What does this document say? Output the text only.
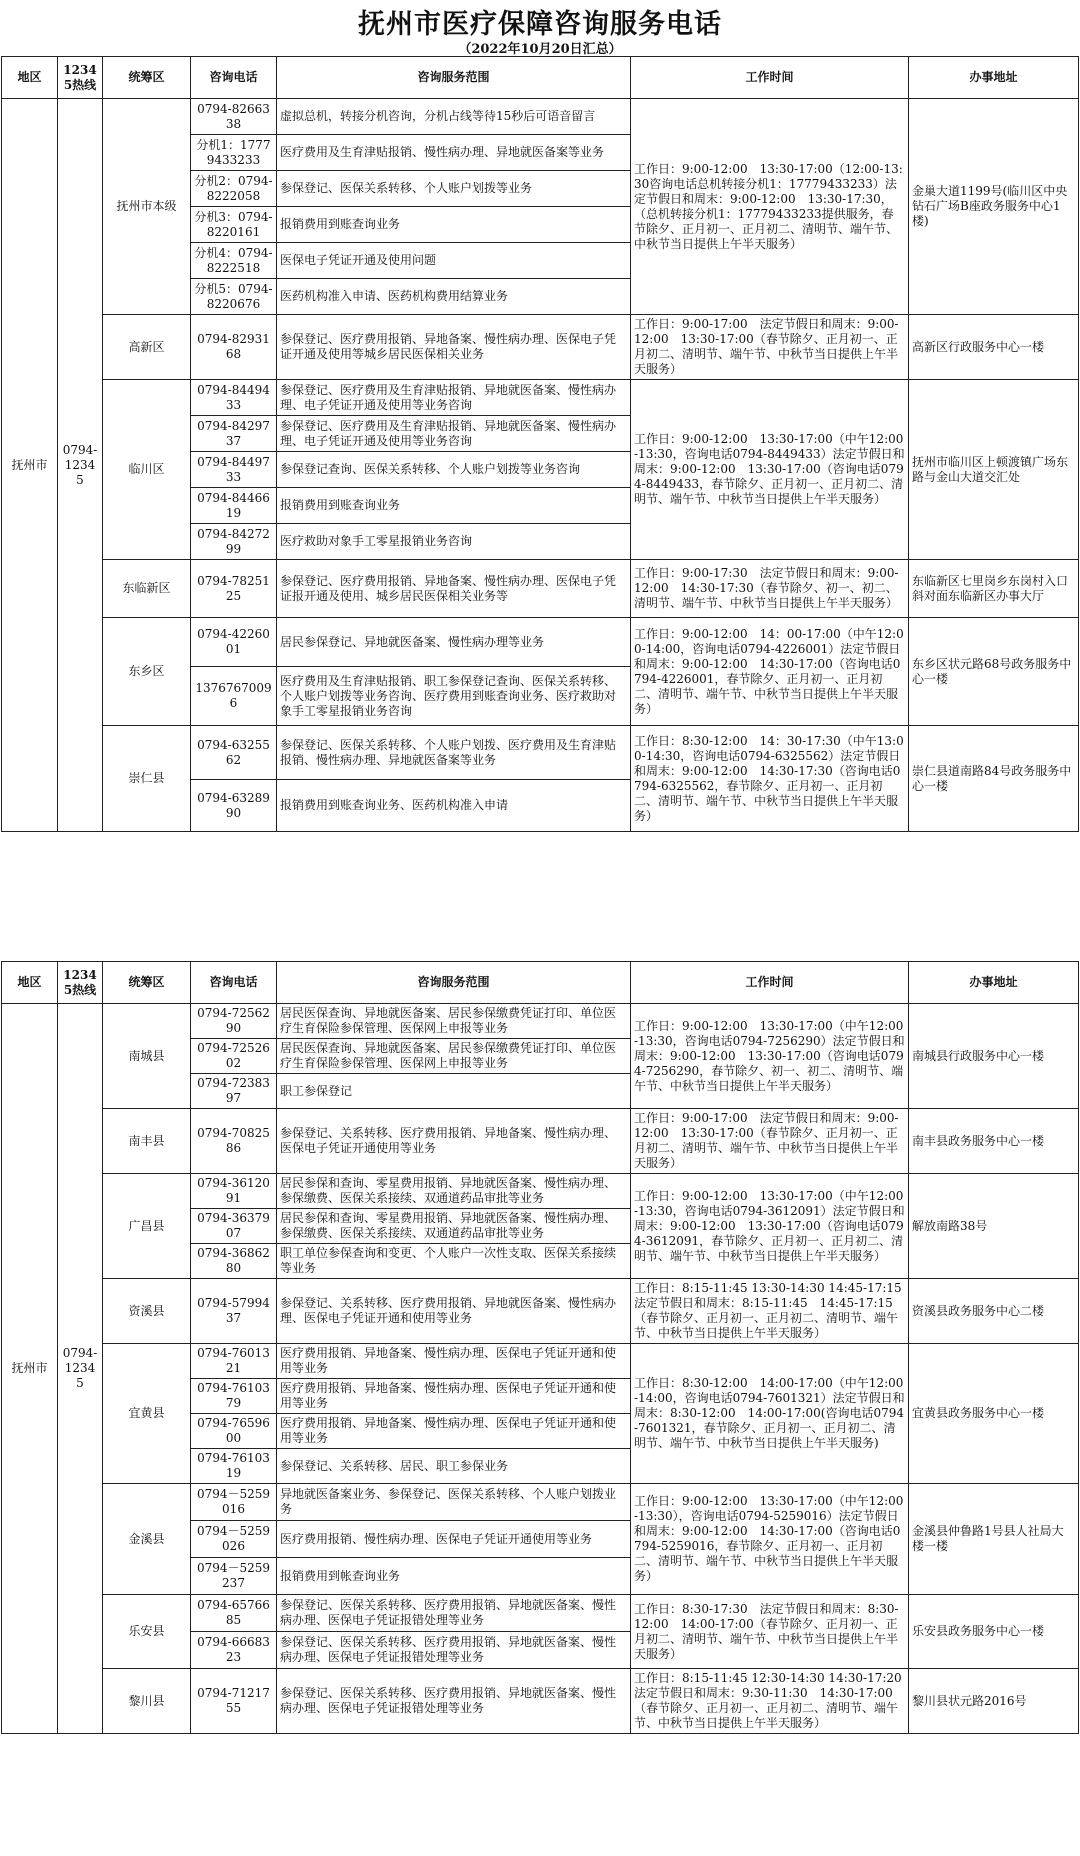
抚州市医疗保障咨询服务电话
（2022年10月20日汇总）
地区	12345热线	统筹区	咨询电话	咨询服务范围	工作时间	办事地址
抚州市	0794-12345	抚州市本级	0794-8266338	虚拟总机，转接分机咨询，分机占线等待15秒后可语音留言	工作日：9:00-12:00　13:30-17:00（12:00-13:30咨询电话总机转接分机1：17779433233）法定节假日和周末：9:00-12:00　13:30-17:30，（总机转接分机1：17779433233提供服务，春节除夕、正月初一、正月初二、清明节、端午节、中秋节当日提供上午半天服务）	金巢大道1199号(临川区中央钻石广场B座政务服务中心1楼)
			分机1：17779433233	医疗费用及生育津贴报销、慢性病办理、异地就医备案等业务		
			分机2：0794-8222058	参保登记、医保关系转移、个人账户划拨等业务		
			分机3：0794-8220161	报销费用到账查询业务		
			分机4：0794-8222518	医保电子凭证开通及使用问题		
			分机5：0794-8220676	医药机构准入申请、医药机构费用结算业务		
		高新区	0794-8293168	参保登记、医疗费用报销、异地备案、慢性病办理、医保电子凭证开通及使用等城乡居民医保相关业务	工作日：9:00-17:00　法定节假日和周末：9:00-12:00　13:30-17:00（春节除夕、正月初一、正月初二、清明节、端午节、中秋节当日提供上午半天服务）	高新区行政服务中心一楼
		临川区	0794-8449433	参保登记、医疗费用及生育津贴报销、异地就医备案、慢性病办理、电子凭证开通及使用等业务咨询	工作日：9:00-12:00　13:30-17:00（中午12:00-13:30，咨询电话0794-8449433）法定节假日和周末：9:00-12:00　13:30-17:00（咨询电话0794-8449433，春节除夕、正月初一、正月初二、清明节、端午节、中秋节当日提供上午半天服务）	抚州市临川区上顿渡镇广场东路与金山大道交汇处
			0794-8429737	参保登记、医疗费用及生育津贴报销、异地就医备案、慢性病办理、电子凭证开通及使用等业务咨询		
			0794-8449733	参保登记查询、医保关系转移、个人账户划拨等业务咨询		
			0794-8446619	报销费用到账查询业务		
			0794-8427299	医疗救助对象手工零星报销业务咨询		
		东临新区	0794-7825125	参保登记、医疗费用报销、异地备案、慢性病办理、医保电子凭证报开通及使用、城乡居民医保相关业务等	工作日：9:00-17:30　法定节假日和周末：9:00-12:00　14:30-17:30（春节除夕、初一、初二、清明节、端午节、中秋节当日提供上午半天服务）	东临新区七里岗乡东岗村入口斜对面东临新区办事大厅
		东乡区	0794-4226001	居民参保登记、异地就医备案、慢性病办理等业务	工作日：9:00-12:00　14：00-17:00（中午12:00-14:00，咨询电话0794-4226001）法定节假日和周末：9:00-12:00　14:30-17:00（咨询电话0794-4226001，春节除夕、正月初一、正月初二、清明节、端午节、中秋节当日提供上午半天服务）	东乡区状元路68号政务服务中心一楼
			13767670096	医疗费用及生育津贴报销、职工参保登记查询、医保关系转移、个人账户划拨等业务咨询、医疗费用到账查询业务、医疗救助对象手工零星报销业务咨询		
		崇仁县	0794-6325562	参保登记、医保关系转移、个人账户划拨、医疗费用及生育津贴报销、慢性病办理、异地就医备案等业务	工作日：8:30-12:00　14：30-17:30（中午13:00-14:30，咨询电话0794-6325562）法定节假日和周末：9:00-12:00　14:30-17:30（咨询电话0794-6325562，春节除夕、正月初一、正月初二、清明节、端午节、中秋节当日提供上午半天服务）	崇仁县道南路84号政务服务中心一楼
			0794-6328990	报销费用到账查询业务、医药机构准入申请		
地区	12345热线	统筹区	咨询电话	咨询服务范围	工作时间	办事地址
抚州市	0794-12345	南城县	0794-7256290	居民医保查询、异地就医备案、居民参保缴费凭证打印、单位医疗生育保险参保管理、医保网上申报等业务	工作日：9:00-12:00　13:30-17:00（中午12:00-13:30，咨询电话0794-7256290）法定节假日和周末：9:00-12:00　13:30-17:00（咨询电话0794-7256290，春节除夕、初一、初二、清明节、端午节、中秋节当日提供上午半天服务）	南城县行政服务中心一楼
			0794-7252602	居民医保查询、异地就医备案、居民参保缴费凭证打印、单位医疗生育保险参保管理、医保网上申报等业务		
			0794-7238397	职工参保登记		
		南丰县	0794-7082586	参保登记、关系转移、医疗费用报销、异地备案、慢性病办理、医保电子凭证开通使用等业务	工作日：9:00-17:00　法定节假日和周末：9:00-12:00　13:30-17:00（春节除夕、正月初一、正月初二、清明节、端午节、中秋节当日提供上午半天服务）	南丰县政务服务中心一楼
		广昌县	0794-3612091	居民参保和查询、零星费用报销、异地就医备案、慢性病办理、参保缴费、医保关系接续、双通道药品审批等业务	工作日：9:00-12:00　13:30-17:00（中午12:00-13:30，咨询电话0794-3612091）法定节假日和周末：9:00-12:00　13:30-17:00（咨询电话0794-3612091，春节除夕、正月初一、正月初二、清明节、端午节、中秋节当日提供上午半天服务）	解放南路38号
			0794-3637907	居民参保和查询、零星费用报销、异地就医备案、慢性病办理、参保缴费、医保关系接续、双通道药品审批等业务		
			0794-3686280	职工单位参保查询和变更、个人账户一次性支取、医保关系接续等业务		
		资溪县	0794-5799437	参保登记、关系转移、医疗费用报销、异地就医备案、慢性病办理、医保电子凭证开通和使用等业务	工作日：8:15-11:45 13:30-14:30 14:45-17:15　法定节假日和周末：8:15-11:45　14:45-17:15（春节除夕、正月初一、正月初二、清明节、端午节、中秋节当日提供上午半天服务）	资溪县政务服务中心二楼
		宜黄县	0794-7601321	医疗费用报销、异地备案、慢性病办理、医保电子凭证开通和使用等业务	工作日：8:30-12:00　14:00-17:00（中午12:00-14:00，咨询电话0794-7601321）法定节假日和周末：8:30-12:00　14:00-17:00(咨询电话0794-7601321，春节除夕、正月初一、正月初二、清明节、端午节、中秋节当日提供上午半天服务)	宜黄县政务服务中心一楼
			0794-7610379	医疗费用报销、异地备案、慢性病办理、医保电子凭证开通和使用等业务		
			0794-7659600	医疗费用报销、异地备案、慢性病办理、医保电子凭证开通和使用等业务		
			0794-7610319	参保登记、关系转移、居民、职工参保业务		
		金溪县	0794－5259016	异地就医备案业务、参保登记、医保关系转移、个人账户划拨业务	工作日：9:00-12:00　13:30-17:00（中午12:00-13:30），咨询电话0794-5259016）法定节假日和周末：9:00-12:00　14:30-17:00（咨询电话0794-5259016，春节除夕、正月初一、正月初二、清明节、端午节、中秋节当日提供上午半天服务）	金溪县仲鲁路1号县人社局大楼一楼
			0794－5259026	医疗费用报销、慢性病办理、医保电子凭证开通使用等业务		
			0794－5259237	报销费用到帐查询业务		
		乐安县	0794-6576685	参保登记、医保关系转移、医疗费用报销、异地就医备案、慢性病办理、医保电子凭证报错处理等业务	工作日：8:30-17:30　法定节假日和周末：8:30-12:00　14:00-17:00（春节除夕、正月初一、正月初二、清明节、端午节、中秋节当日提供上午半天服务）	乐安县政务服务中心一楼
			0794-6668323	参保登记、医保关系转移、医疗费用报销、异地就医备案、慢性病办理、医保电子凭证报错处理等业务		
		黎川县	0794-7121755	参保登记、医保关系转移、医疗费用报销、异地就医备案、慢性病办理、医保电子凭证报错处理等业务	工作日：8:15-11:45 12:30-14:30 14:30-17:20　法定节假日和周末：9:30-11:30　14:30-17:00（春节除夕、正月初一、正月初二、清明节、端午节、中秋节当日提供上午半天服务）	黎川县状元路2016号
